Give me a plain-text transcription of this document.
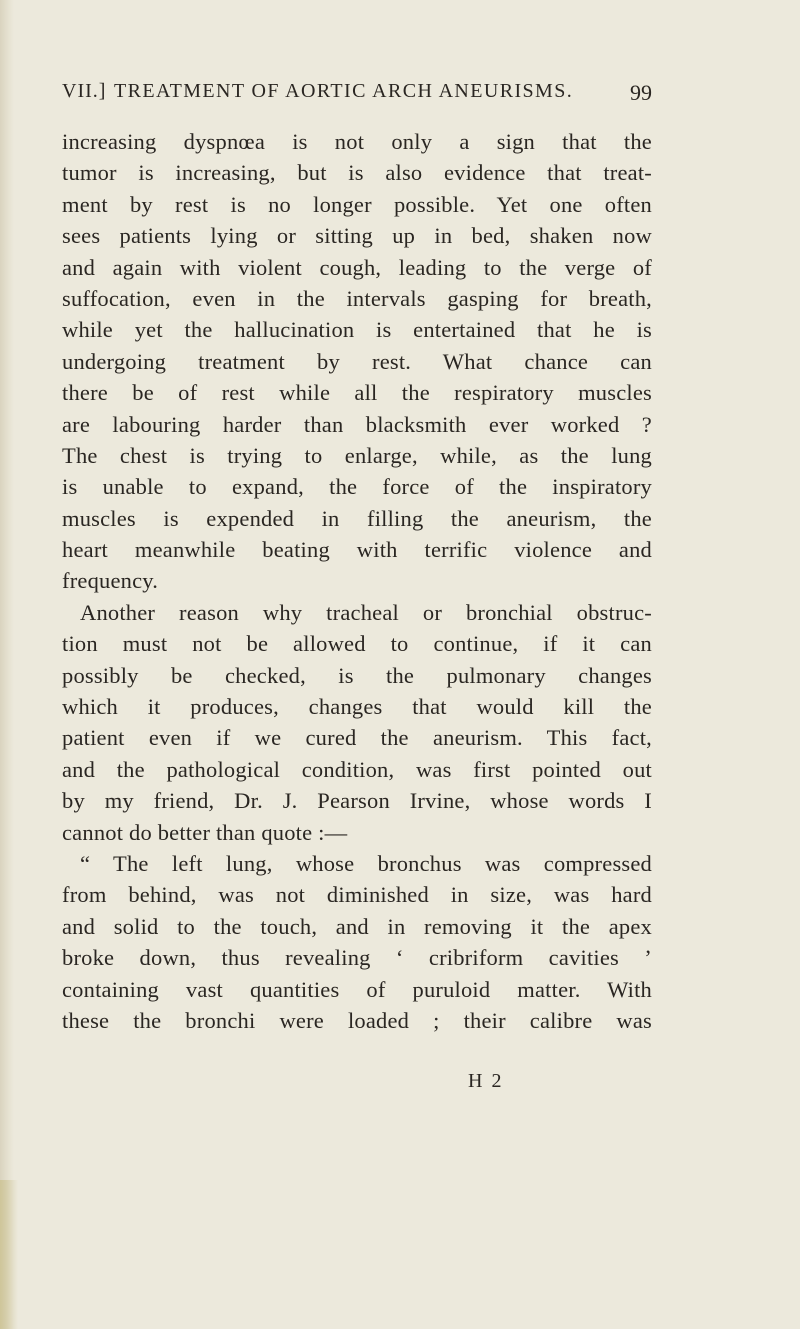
VII.] TREATMENT OF AORTIC ARCH ANEURISMS.	99
increasing dyspnœa is not only a sign that the
tumor is increasing, but is also evidence that treat-
ment by rest is no longer possible. Yet one often
sees patients lying or sitting up in bed, shaken now
and again with violent cough, leading to the verge of
suffocation, even in the intervals gasping for breath,
while yet the hallucination is entertained that he is
undergoing treatment by rest. What chance can
there be of rest while all the respiratory muscles
are labouring harder than blacksmith ever worked ?
The chest is trying to enlarge, while, as the lung
is unable to expand, the force of the inspiratory
muscles is expended in filling the aneurism, the
heart meanwhile beating with terrific violence and
frequency.
Another reason why tracheal or bronchial obstruc-
tion must not be allowed to continue, if it can
possibly be checked, is the pulmonary changes
which it produces, changes that would kill the
patient even if we cured the aneurism. This fact,
and the pathological condition, was first pointed out
by my friend, Dr. J. Pearson Irvine, whose words I
cannot do better than quote :—
“ The left lung, whose bronchus was compressed
from behind, was not diminished in size, was hard
and solid to the touch, and in removing it the apex
broke down, thus revealing ‘ cribriform cavities ’
containing vast quantities of puruloid matter. With
these the bronchi were loaded ; their calibre was
H 2
